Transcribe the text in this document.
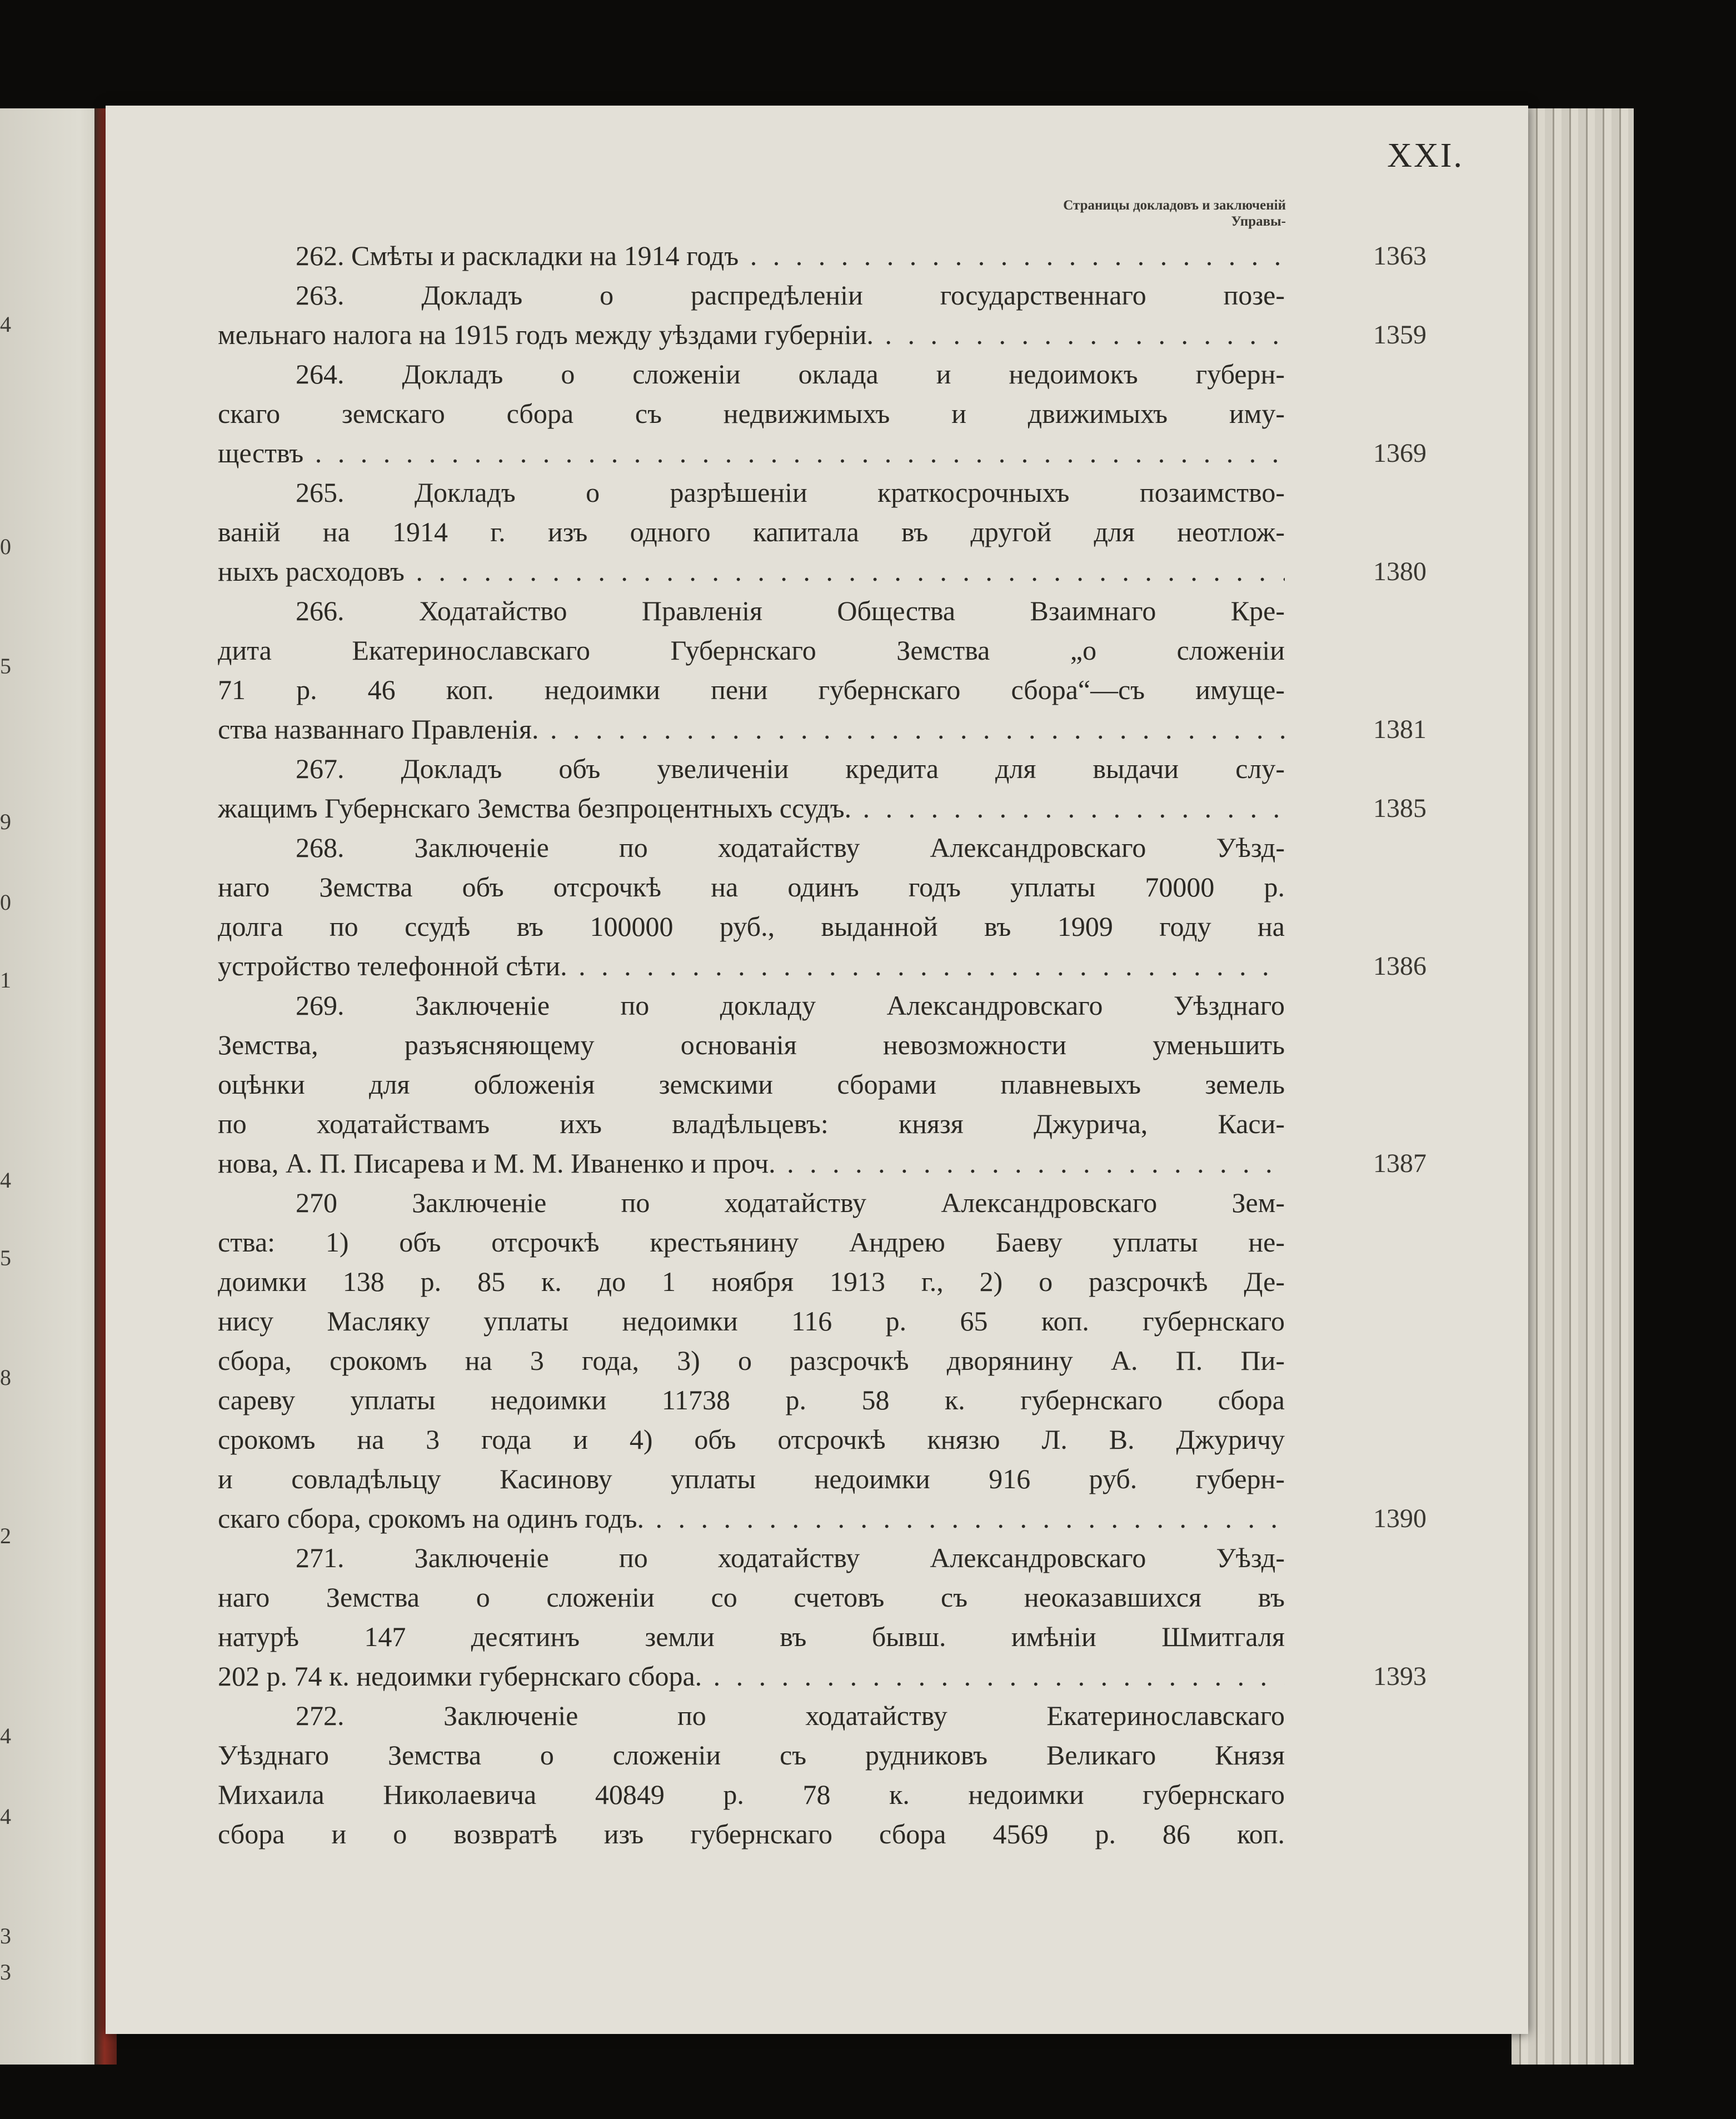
4
0
5
9
0
1
4
5
8
2
4
4
3
3
XXI.
Страницы докладовъ и заключеній Управы-
262. Смѣты и раскладки на 1914 годъ . . .	1363
263. Докладъ о распредѣленіи государственнаго позе-
мельнаго налога на 1915 годъ между уѣздами губерніи. . . .	1359
264. Докладъ о сложеніи оклада и недоимокъ губерн-
скаго земскаго сбора съ недвижимыхъ и движимыхъ иму-
ществъ . . .	1369
265. Докладъ о разрѣшеніи краткосрочныхъ позаимство-
ваній на 1914 г. изъ одного капитала въ другой для неотлож-
ныхъ расходовъ . . .	1380
266. Ходатайство Правленія Общества Взаимнаго Кре-
дита Екатеринославскаго Губернскаго Земства „о сложеніи
71 р. 46 коп. недоимки пени губернскаго сбора“—съ имуще-
ства названнаго Правленія. . . .	1381
267. Докладъ объ увеличеніи кредита для выдачи слу-
жащимъ Губернскаго Земства безпроцентныхъ ссудъ. . . .	1385
268. Заключеніе по ходатайству Александровскаго Уѣзд-
наго Земства объ отсрочкѣ на одинъ годъ уплаты 70000 р.
долга по ссудѣ въ 100000 руб., выданной въ 1909 году на
устройство телефонной сѣти. . . .	1386
269. Заключеніе по докладу Александровскаго Уѣзднаго
Земства, разъясняющему основанія невозможности уменьшить
оцѣнки для обложенія земскими сборами плавневыхъ земель
по ходатайствамъ ихъ владѣльцевъ: князя Джурича, Каси-
нова, А. П. Писарева и М. М. Иваненко и проч. . . .	1387
270 Заключеніе по ходатайству Александровскаго Зем-
ства: 1) объ отсрочкѣ крестьянину Андрею Баеву уплаты не-
доимки 138 р. 85 к. до 1 ноября 1913 г., 2) о разсрочкѣ Де-
нису Масляку уплаты недоимки 116 р. 65 коп. губернскаго
сбора, срокомъ на 3 года, 3) о разсрочкѣ дворянину А. П. Пи-
сареву уплаты недоимки 11738 р. 58 к. губернскаго сбора
срокомъ на 3 года и 4) объ отсрочкѣ князю Л. В. Джуричу
и совладѣльцу Касинову уплаты недоимки 916 руб. губерн-
скаго сбора, срокомъ на одинъ годъ. . . .	1390
271. Заключеніе по ходатайству Александровскаго Уѣзд-
наго Земства о сложеніи со счетовъ съ неоказавшихся въ
натурѣ 147 десятинъ земли въ бывш. имѣніи Шмитгаля
202 р. 74 к. недоимки губернскаго сбора. . . .	1393
272. Заключеніе по ходатайству Екатеринославскаго
Уѣзднаго Земства о сложеніи съ рудниковъ Великаго Князя
Михаила Николаевича 40849 р. 78 к. недоимки губернскаго
сбора и о возвратѣ изъ губернскаго сбора 4569 р. 86 коп.
